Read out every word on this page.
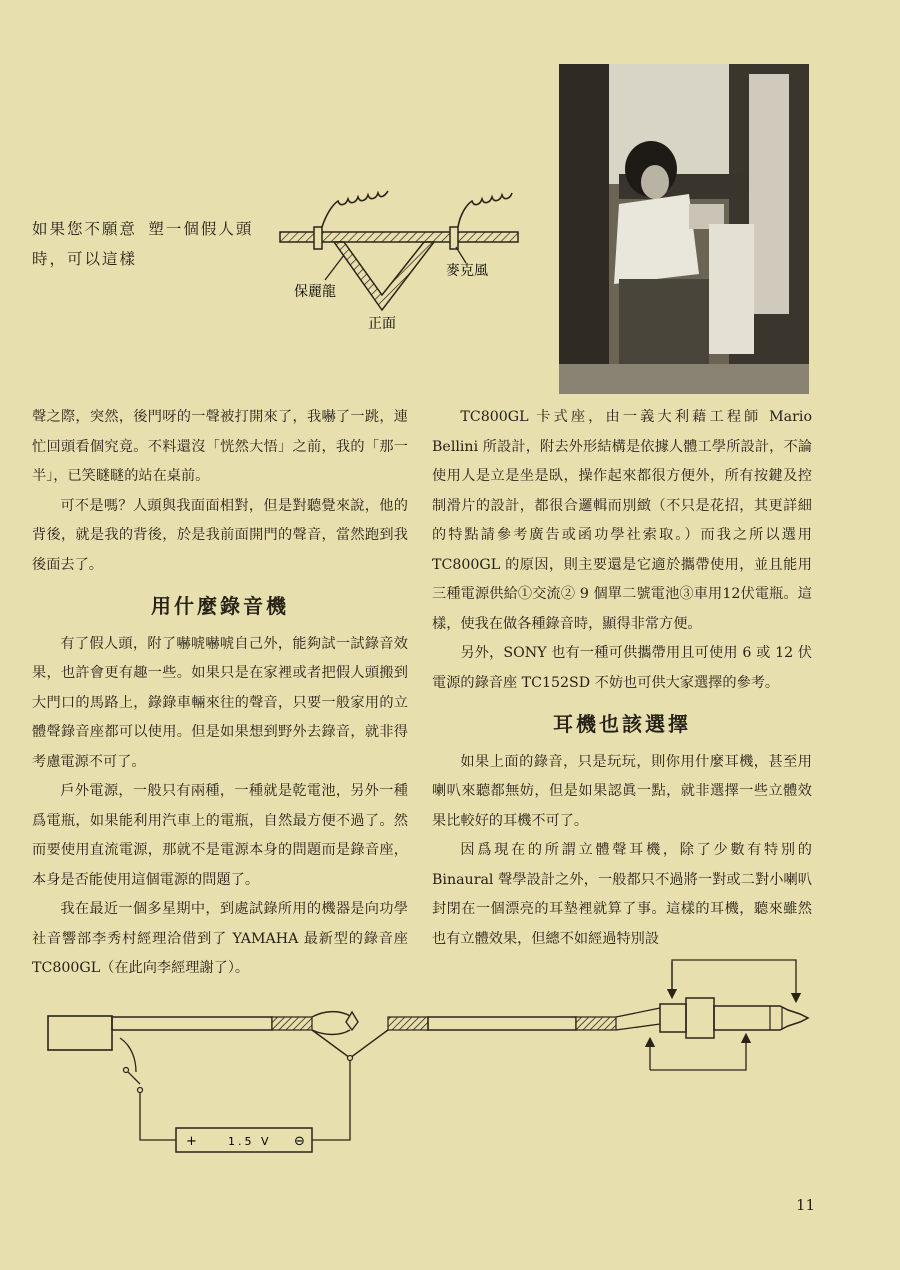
如果您不願意 塑一個假人頭
時，可以這樣
保麗龍
麥克風
正面

聲之際，突然，後門呀的一聲被打開來了，我嚇了一跳，連忙回頭看個究竟。不料還沒「恍然大悟」之前，我的「那一半」，已笑瞇瞇的站在桌前。

可不是嗎？人頭與我面面相對，但是對聽覺來說，他的背後，就是我的背後，於是我前面開門的聲音，當然跑到我後面去了。

用什麼錄音機

有了假人頭，附了嚇唬嚇唬自己外，能夠試一試錄音效果，也許會更有趣一些。如果只是在家裡或者把假人頭搬到大門口的馬路上，錄錄車輛來往的聲音，只要一般家用的立體聲錄音座都可以使用。但是如果想到野外去錄音，就非得考慮電源不可了。

戶外電源，一般只有兩種，一種就是乾電池，另外一種爲電瓶，如果能利用汽車上的電瓶，自然最方便不過了。然而要使用直流電源，那就不是電源本身的問題而是錄音座，本身是否能使用這個電源的問題了。

我在最近一個多星期中，到處試錄所用的機器是向功學社音響部李秀村經理洽借到了 YAMAHA 最新型的錄音座 TC800GL（在此向李經理謝了）。

TC800GL 卡式座，由一義大利藉工程師 Mario Bellini 所設計，附去外形結構是依據人體工學所設計，不論使用人是立是坐是臥，操作起來都很方便外，所有按鍵及控制滑片的設計，都很合邏輯而別緻（不只是花招，其更詳細的特點請參考廣告或函功學社索取。）而我之所以選用 TC800GL 的原因，則主要還是它適於攜帶使用，並且能用三種電源供給①交流② 9 個單二號電池③車用12伏電瓶。這樣，使我在做各種錄音時，顯得非常方便。

另外，SONY 也有一種可供攜帶用且可使用 6 或 12 伏電源的錄音座 TC152SD 不妨也可供大家選擇的參考。

耳機也該選擇

如果上面的錄音，只是玩玩，則你用什麼耳機，甚至用喇叭來聽都無妨，但是如果認眞一點，就非選擇一些立體效果比較好的耳機不可了。

因爲現在的所謂立體聲耳機，除了少數有特別的 Binaural 聲學設計之外，一般都只不過將一對或二對小喇叭封閉在一個漂亮的耳墊裡就算了事。這樣的耳機，聽來雖然也有立體效果，但總不如經過特別設

+	1.5 V ⊖
11
